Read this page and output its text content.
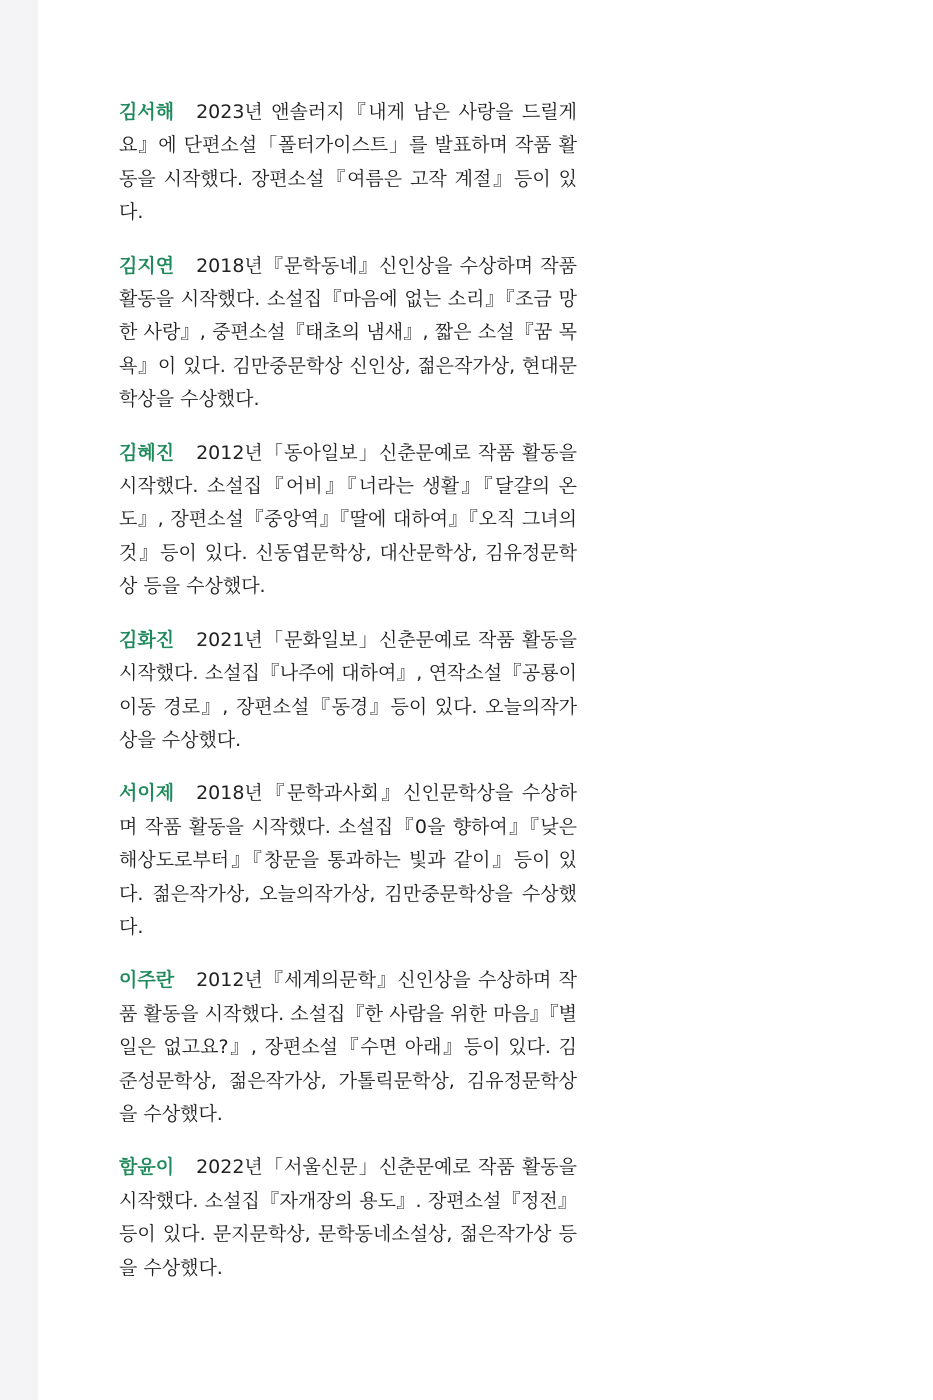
김서해 2023년 앤솔러지『내게 남은 사랑을 드릴게요』에 단편소설「폴터가이스트」를 발표하며 작품 활동을 시작했다. 장편소설『여름은 고작 계절』등이 있다.

김지연 2018년『문학동네』신인상을 수상하며 작품활동을 시작했다. 소설집『마음에 없는 소리』『조금 망한 사랑』, 중편소설『태초의 냄새』, 짧은 소설『꿈 목욕』이 있다. 김만중문학상 신인상, 젊은작가상, 현대문학상을 수상했다.

김혜진 2012년「동아일보」신춘문예로 작품 활동을 시작했다. 소설집『어비』『너라는 생활』『달걀의 온도』, 장편소설『중앙역』『딸에 대하여』『오직 그녀의 것』등이 있다. 신동엽문학상, 대산문학상, 김유정문학상 등을 수상했다.

김화진 2021년「문화일보」신춘문예로 작품 활동을 시작했다. 소설집『나주에 대하여』, 연작소설『공룡이 이동 경로』, 장편소설『동경』등이 있다. 오늘의작가상을 수상했다.

서이제 2018년『문학과사회』신인문학상을 수상하며 작품 활동을 시작했다. 소설집『0을 향하여』『낮은 해상도로부터』『창문을 통과하는 빛과 같이』등이 있다. 젊은작가상, 오늘의작가상, 김만중문학상을 수상했다.

이주란 2012년『세계의문학』신인상을 수상하며 작품 활동을 시작했다. 소설집『한 사람을 위한 마음』『별일은 없고요?』, 장편소설『수면 아래』등이 있다. 김준성문학상, 젊은작가상, 가톨릭문학상, 김유정문학상을 수상했다.

함윤이 2022년「서울신문」신춘문예로 작품 활동을 시작했다. 소설집『자개장의 용도』. 장편소설『정전』등이 있다. 문지문학상, 문학동네소설상, 젊은작가상 등을 수상했다.
